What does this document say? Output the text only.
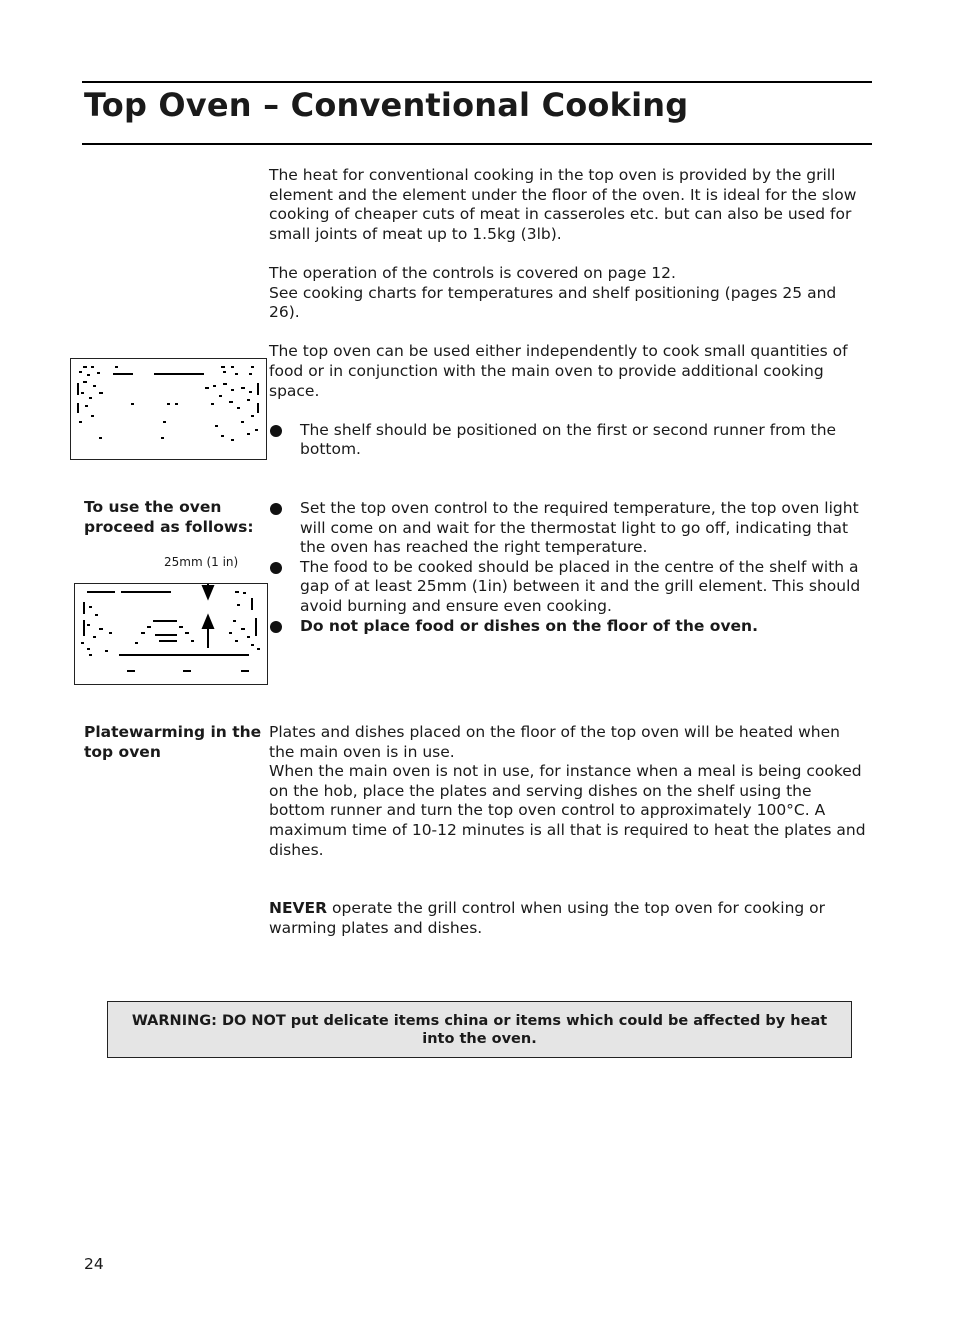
Top Oven – Conventional Cooking

The heat for conventional cooking in the top oven is provided by the grill element and the element under the floor of the oven. It is ideal for the slow cooking of cheaper cuts of meat in casseroles etc. but can also be used for small joints of meat up to 1.5kg (3lb).

The operation of the controls is covered on page 12.

See cooking charts for temperatures and shelf positioning (pages 25 and 26).

The top oven can be used either independently to cook small quantities of food or in conjunction with the main oven to provide additional cooking space.

The shelf should be positioned on the first or second runner from the bottom.

To use the oven proceed as follows:
25mm (1 in)

Set the top oven control to the required temperature, the top oven light will come on and wait for the thermostat light to go off, indicating that the oven has reached the right temperature.

The food to be cooked should be placed in the centre of the shelf with a gap of at least 25mm (1in) between it and the grill element. This should avoid burning and ensure even cooking.

Do not place food or dishes on the floor of the oven.

Platewarming in the top oven

Plates and dishes placed on the floor of the top oven will be heated when the main oven is in use.

When the main oven is not in use, for instance when a meal is being cooked on the hob, place the plates and serving dishes on the shelf using the bottom runner and turn the top oven control to approximately 100°C. A maximum time of 10-12 minutes is all that is required to heat the plates and dishes.

NEVER operate the grill control when using the top oven for cooking or warming plates and dishes.

WARNING: DO NOT put delicate items china or items which could be affected by heat into the oven.
24
